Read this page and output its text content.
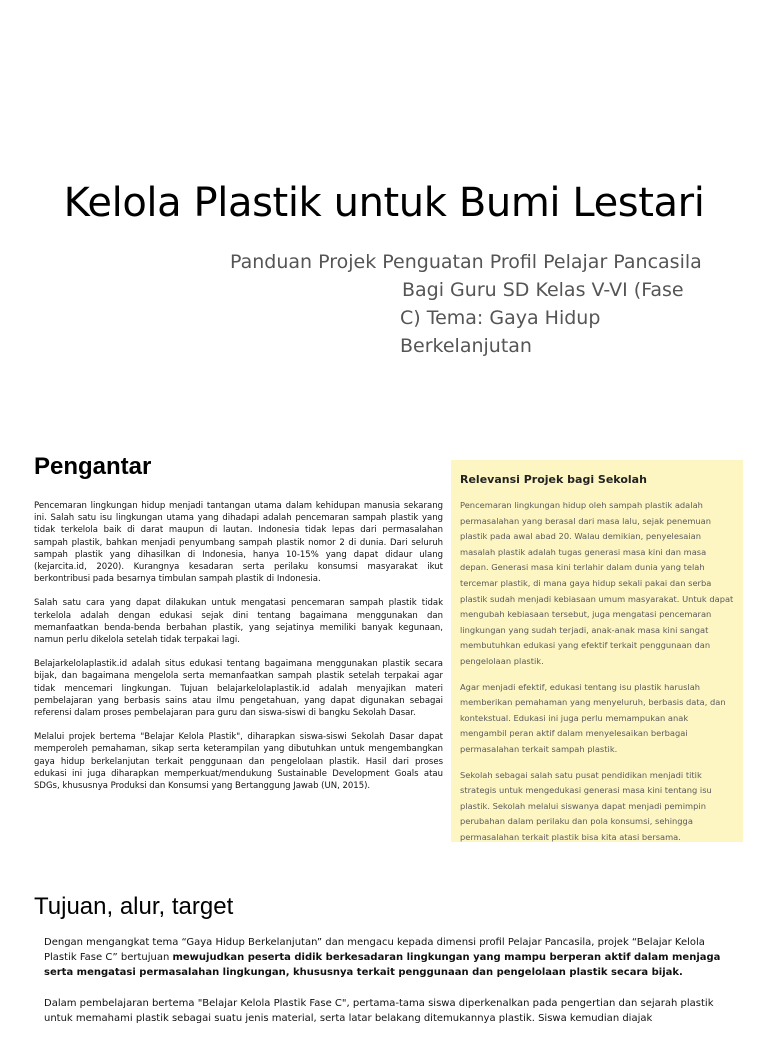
Kelola Plastik untuk Bumi Lestari
Panduan Projek Penguatan Profil Pelajar Pancasila
Bagi Guru SD Kelas V-VI (Fase
C) Tema: Gaya Hidup
Berkelanjutan
Pengantar

Pencemaran lingkungan hidup menjadi tantangan utama dalam kehidupan manusia sekarang ini. Salah satu isu lingkungan utama yang dihadapi adalah pencemaran sampah plastik yang tidak terkelola baik di darat maupun di lautan. Indonesia tidak lepas dari permasalahan sampah plastik, bahkan menjadi penyumbang sampah plastik nomor 2 di dunia. Dari seluruh sampah plastik yang dihasilkan di Indonesia, hanya 10-15% yang dapat didaur ulang (kejarcita.id, 2020). Kurangnya kesadaran serta perilaku konsumsi masyarakat ikut berkontribusi pada besarnya timbulan sampah plastik di Indonesia.

Salah satu cara yang dapat dilakukan untuk mengatasi pencemaran sampah plastik tidak terkelola adalah dengan edukasi sejak dini tentang bagaimana menggunakan dan memanfaatkan benda-benda berbahan plastik, yang sejatinya memiliki banyak kegunaan, namun perlu dikelola setelah tidak terpakai lagi.

Belajarkelolaplastik.id adalah situs edukasi tentang bagaimana menggunakan plastik secara bijak, dan bagaimana mengelola serta memanfaatkan sampah plastik setelah terpakai agar tidak mencemari lingkungan. Tujuan belajarkelolaplastik.id adalah menyajikan materi pembelajaran yang berbasis sains atau ilmu pengetahuan, yang dapat digunakan sebagai referensi dalam proses pembelajaran para guru dan siswa-siswi di bangku Sekolah Dasar.

Melalui projek bertema "Belajar Kelola Plastik", diharapkan siswa-siswi Sekolah Dasar dapat memperoleh pemahaman, sikap serta keterampilan yang dibutuhkan untuk mengembangkan gaya hidup berkelanjutan terkait penggunaan dan pengelolaan plastik. Hasil dari proses edukasi ini juga diharapkan memperkuat/mendukung Sustainable Development Goals atau SDGs, khususnya Produksi dan Konsumsi yang Bertanggung Jawab (UN, 2015).

Relevansi Projek bagi Sekolah

Pencemaran lingkungan hidup oleh sampah plastik adalah permasalahan yang berasal dari masa lalu, sejak penemuan plastik pada awal abad 20. Walau demikian, penyelesaian masalah plastik adalah tugas generasi masa kini dan masa depan. Generasi masa kini terlahir dalam dunia yang telah tercemar plastik, di mana gaya hidup sekali pakai dan serba plastik sudah menjadi kebiasaan umum masyarakat. Untuk dapat mengubah kebiasaan tersebut, juga mengatasi pencemaran lingkungan yang sudah terjadi, anak-anak masa kini sangat membutuhkan edukasi yang efektif terkait penggunaan dan pengelolaan plastik.

Agar menjadi efektif, edukasi tentang isu plastik haruslah memberikan pemahaman yang menyeluruh, berbasis data, dan kontekstual. Edukasi ini juga perlu memampukan anak mengambil peran aktif dalam menyelesaikan berbagai permasalahan terkait sampah plastik.

Sekolah sebagai salah satu pusat pendidikan menjadi titik strategis untuk mengedukasi generasi masa kini tentang isu plastik. Sekolah melalui siswanya dapat menjadi pemimpin perubahan dalam perilaku dan pola konsumsi, sehingga permasalahan terkait plastik bisa kita atasi bersama.

Tujuan, alur, target

Dengan mengangkat tema “Gaya Hidup Berkelanjutan” dan mengacu kepada dimensi profil Pelajar Pancasila, projek “Belajar Kelola Plastik Fase C” bertujuan mewujudkan peserta didik berkesadaran lingkungan yang mampu berperan aktif dalam menjaga serta mengatasi permasalahan lingkungan, khususnya terkait penggunaan dan pengelolaan plastik secara bijak.

Dalam pembelajaran bertema "Belajar Kelola Plastik Fase C", pertama-tama siswa diperkenalkan pada pengertian dan sejarah plastik untuk memahami plastik sebagai suatu jenis material, serta latar belakang ditemukannya plastik. Siswa kemudian diajak
